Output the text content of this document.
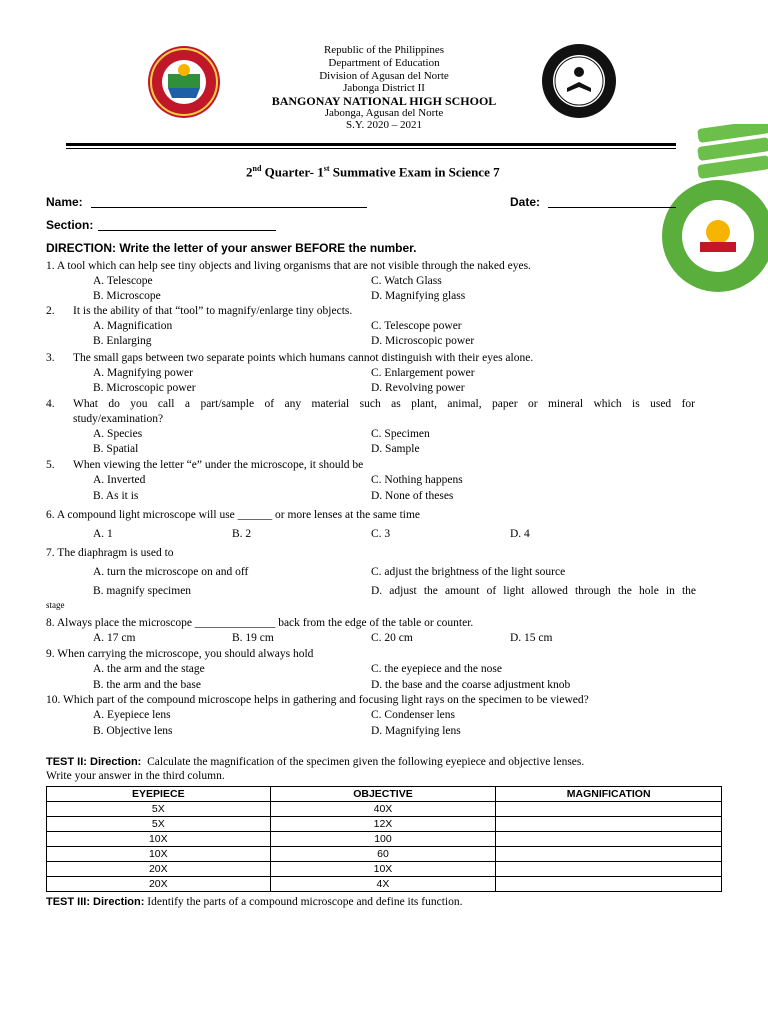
Republic of the Philippines
Department of Education
Division of Agusan del Norte
Jabonga District II
BANGONAY NATIONAL HIGH SCHOOL
Jabonga, Agusan del Norte
S.Y. 2020 – 2021
2nd Quarter- 1st Summative Exam in Science 7
Name:	Date:
Section:
DIRECTION: Write the letter of your answer BEFORE the number.
1. A tool which can help see tiny objects and living organisms that are not visible through the naked eyes.
A. Telescope	C. Watch Glass
B. Microscope	D. Magnifying glass
2. It is the ability of that “tool” to magnify/enlarge tiny objects.
A. Magnification	C. Telescope power
B. Enlarging	D. Microscopic power
3. The small gaps between two separate points which humans cannot distinguish with their eyes alone.
A. Magnifying power	C. Enlargement power
B. Microscopic power	D. Revolving power
4. What do you call a part/sample of any material such as plant, animal, paper or mineral which is used for
study/examination?
A. Species	C. Specimen
B. Spatial	D. Sample
5. When viewing the letter “e” under the microscope, it should be
A. Inverted	C. Nothing happens
B. As it is	D. None of theses
6. A compound light microscope will use ______ or more lenses at the same time
A. 1	B. 2	C. 3	D. 4
7. The diaphragm is used to
A. turn the microscope on and off	C. adjust the brightness of the light source
B. magnify specimen	D. adjust the amount of light allowed through the hole in the
stage
8. Always place the microscope ______________ back from the edge of the table or counter.
A. 17 cm	B. 19 cm	C. 20 cm	D. 15 cm
9. When carrying the microscope, you should always hold
A. the arm and the stage	C. the eyepiece and the nose
B. the arm and the base	D. the base and the coarse adjustment knob
10. Which part of the compound microscope helps in gathering and focusing light rays on the specimen to be viewed?
A. Eyepiece lens	C. Condenser lens
B. Objective lens	D. Magnifying lens
TEST II: Direction: Calculate the magnification of the specimen given the following eyepiece and objective lenses.
Write your answer in the third column.
EYEPIECE	OBJECTIVE	MAGNIFICATION
5X	40X	
5X	12X	
10X	100	
10X	60	
20X	10X	
20X	4X	
TEST III: Direction: Identify the parts of a compound microscope and define its function.
